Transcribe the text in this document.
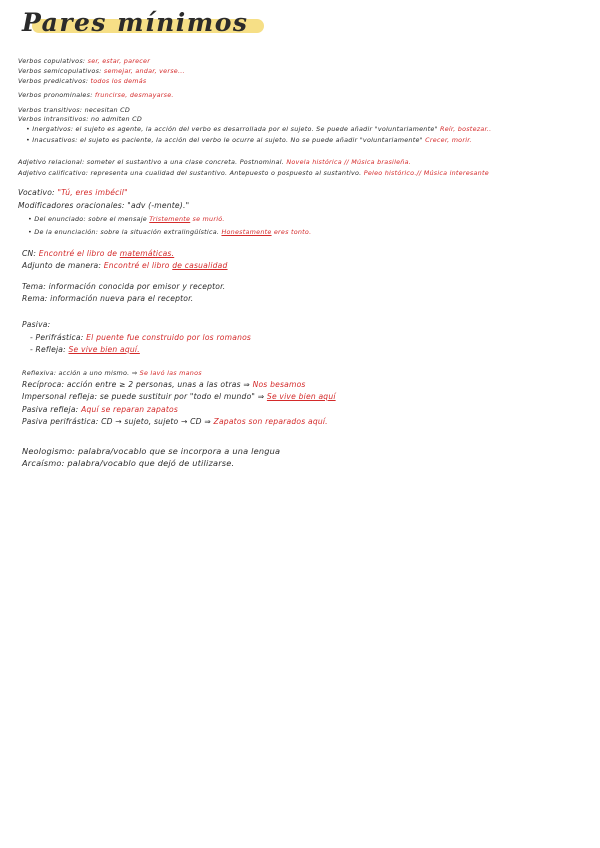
Pares mínimos
Verbos copulativos: ser, estar, parecer
Verbos semicopulativos: semejar, andar, verse...
Verbos predicativos: todos los demás
Verbos pronominales: fruncirse, desmayarse.
Verbos transitivos: necesitan CD
Verbos intransitivos: no admiten CD
• Inergativos: el sujeto es agente, la acción del verbo es desarrollada por el sujeto. Se puede añadir "voluntariamente" Reír, bostezar..
• Inacusativos: el sujeto es paciente, la acción del verbo le ocurre al sujeto. No se puede añadir "voluntariamente" Crecer, morir.
Adjetivo relacional: someter el sustantivo a una clase concreta. Postnominal. Novela histórica // Música brasileña.
Adjetivo calificativo: representa una cualidad del sustantivo. Antepuesto o pospuesto al sustantivo. Peleo histórico.// Música interesante
Vocativo: "Tú, eres imbécil"
Modificadores oracionales: "adv (-mente)."
• Del enunciado: sobre el mensaje Tristemente se murió.
• De la enunciación: sobre la situación extralingüística. Honestamente eres tonto.
CN: Encontré el libro de matemáticas.
Adjunto de manera: Encontré el libro de casualidad
Tema: información conocida por emisor y receptor.
Rema: información nueva para el receptor.
Pasiva:
- Perifrástica: El puente fue construido por los romanos
- Refleja: Se vive bien aquí.
Reflexiva: acción a uno mismo. ⇒ Se lavó las manos
Recíproca: acción entre ≥ 2 personas, unas a las otras ⇒ Nos besamos
Impersonal refleja: se puede sustituir por "todo el mundo" ⇒ Se vive bien aquí
Pasiva refleja: Aquí se reparan zapatos
Pasiva perifrástica: CD → sujeto, sujeto → CD ⇒ Zapatos son reparados aquí.
Neologismo: palabra/vocablo que se incorpora a una lengua
Arcaísmo: palabra/vocablo que dejó de utilizarse.
